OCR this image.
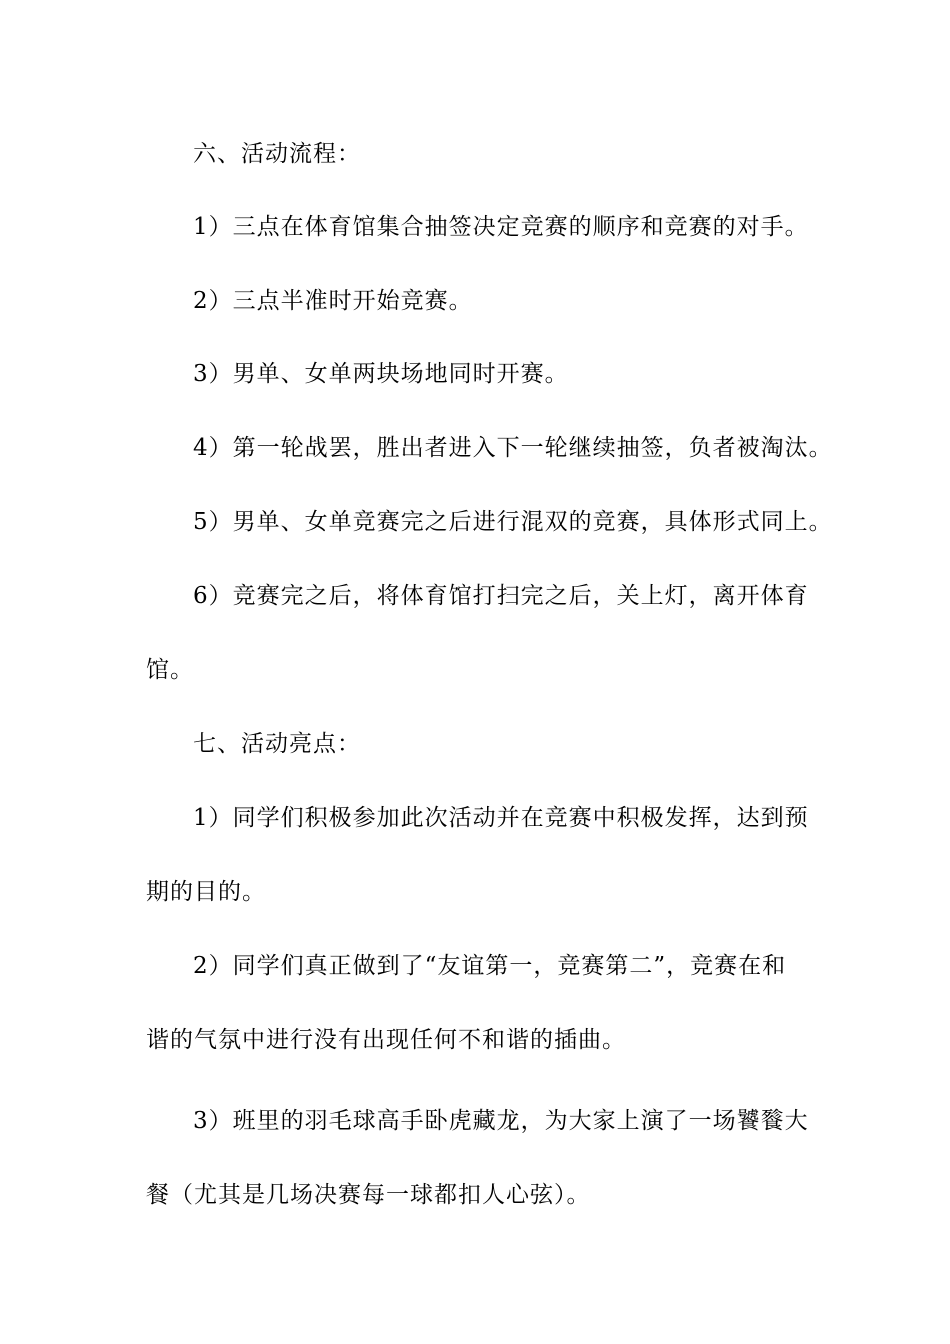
六、活动流程：
1）三点在体育馆集合抽签决定竞赛的顺序和竞赛的对手。
2）三点半准时开始竞赛。
3）男单、女单两块场地同时开赛。
4）第一轮战罢，胜出者进入下一轮继续抽签，负者被淘汰。
5）男单、女单竞赛完之后进行混双的竞赛，具体形式同上。
6）竞赛完之后，将体育馆打扫完之后，关上灯，离开体育
馆。
七、活动亮点：
1）同学们积极参加此次活动并在竞赛中积极发挥，达到预
期的目的。
2）同学们真正做到了“友谊第一，竞赛第二”，竞赛在和
谐的气氛中进行没有出现任何不和谐的插曲。
3）班里的羽毛球高手卧虎藏龙，为大家上演了一场饕餮大
餐（尤其是几场决赛每一球都扣人心弦）。
